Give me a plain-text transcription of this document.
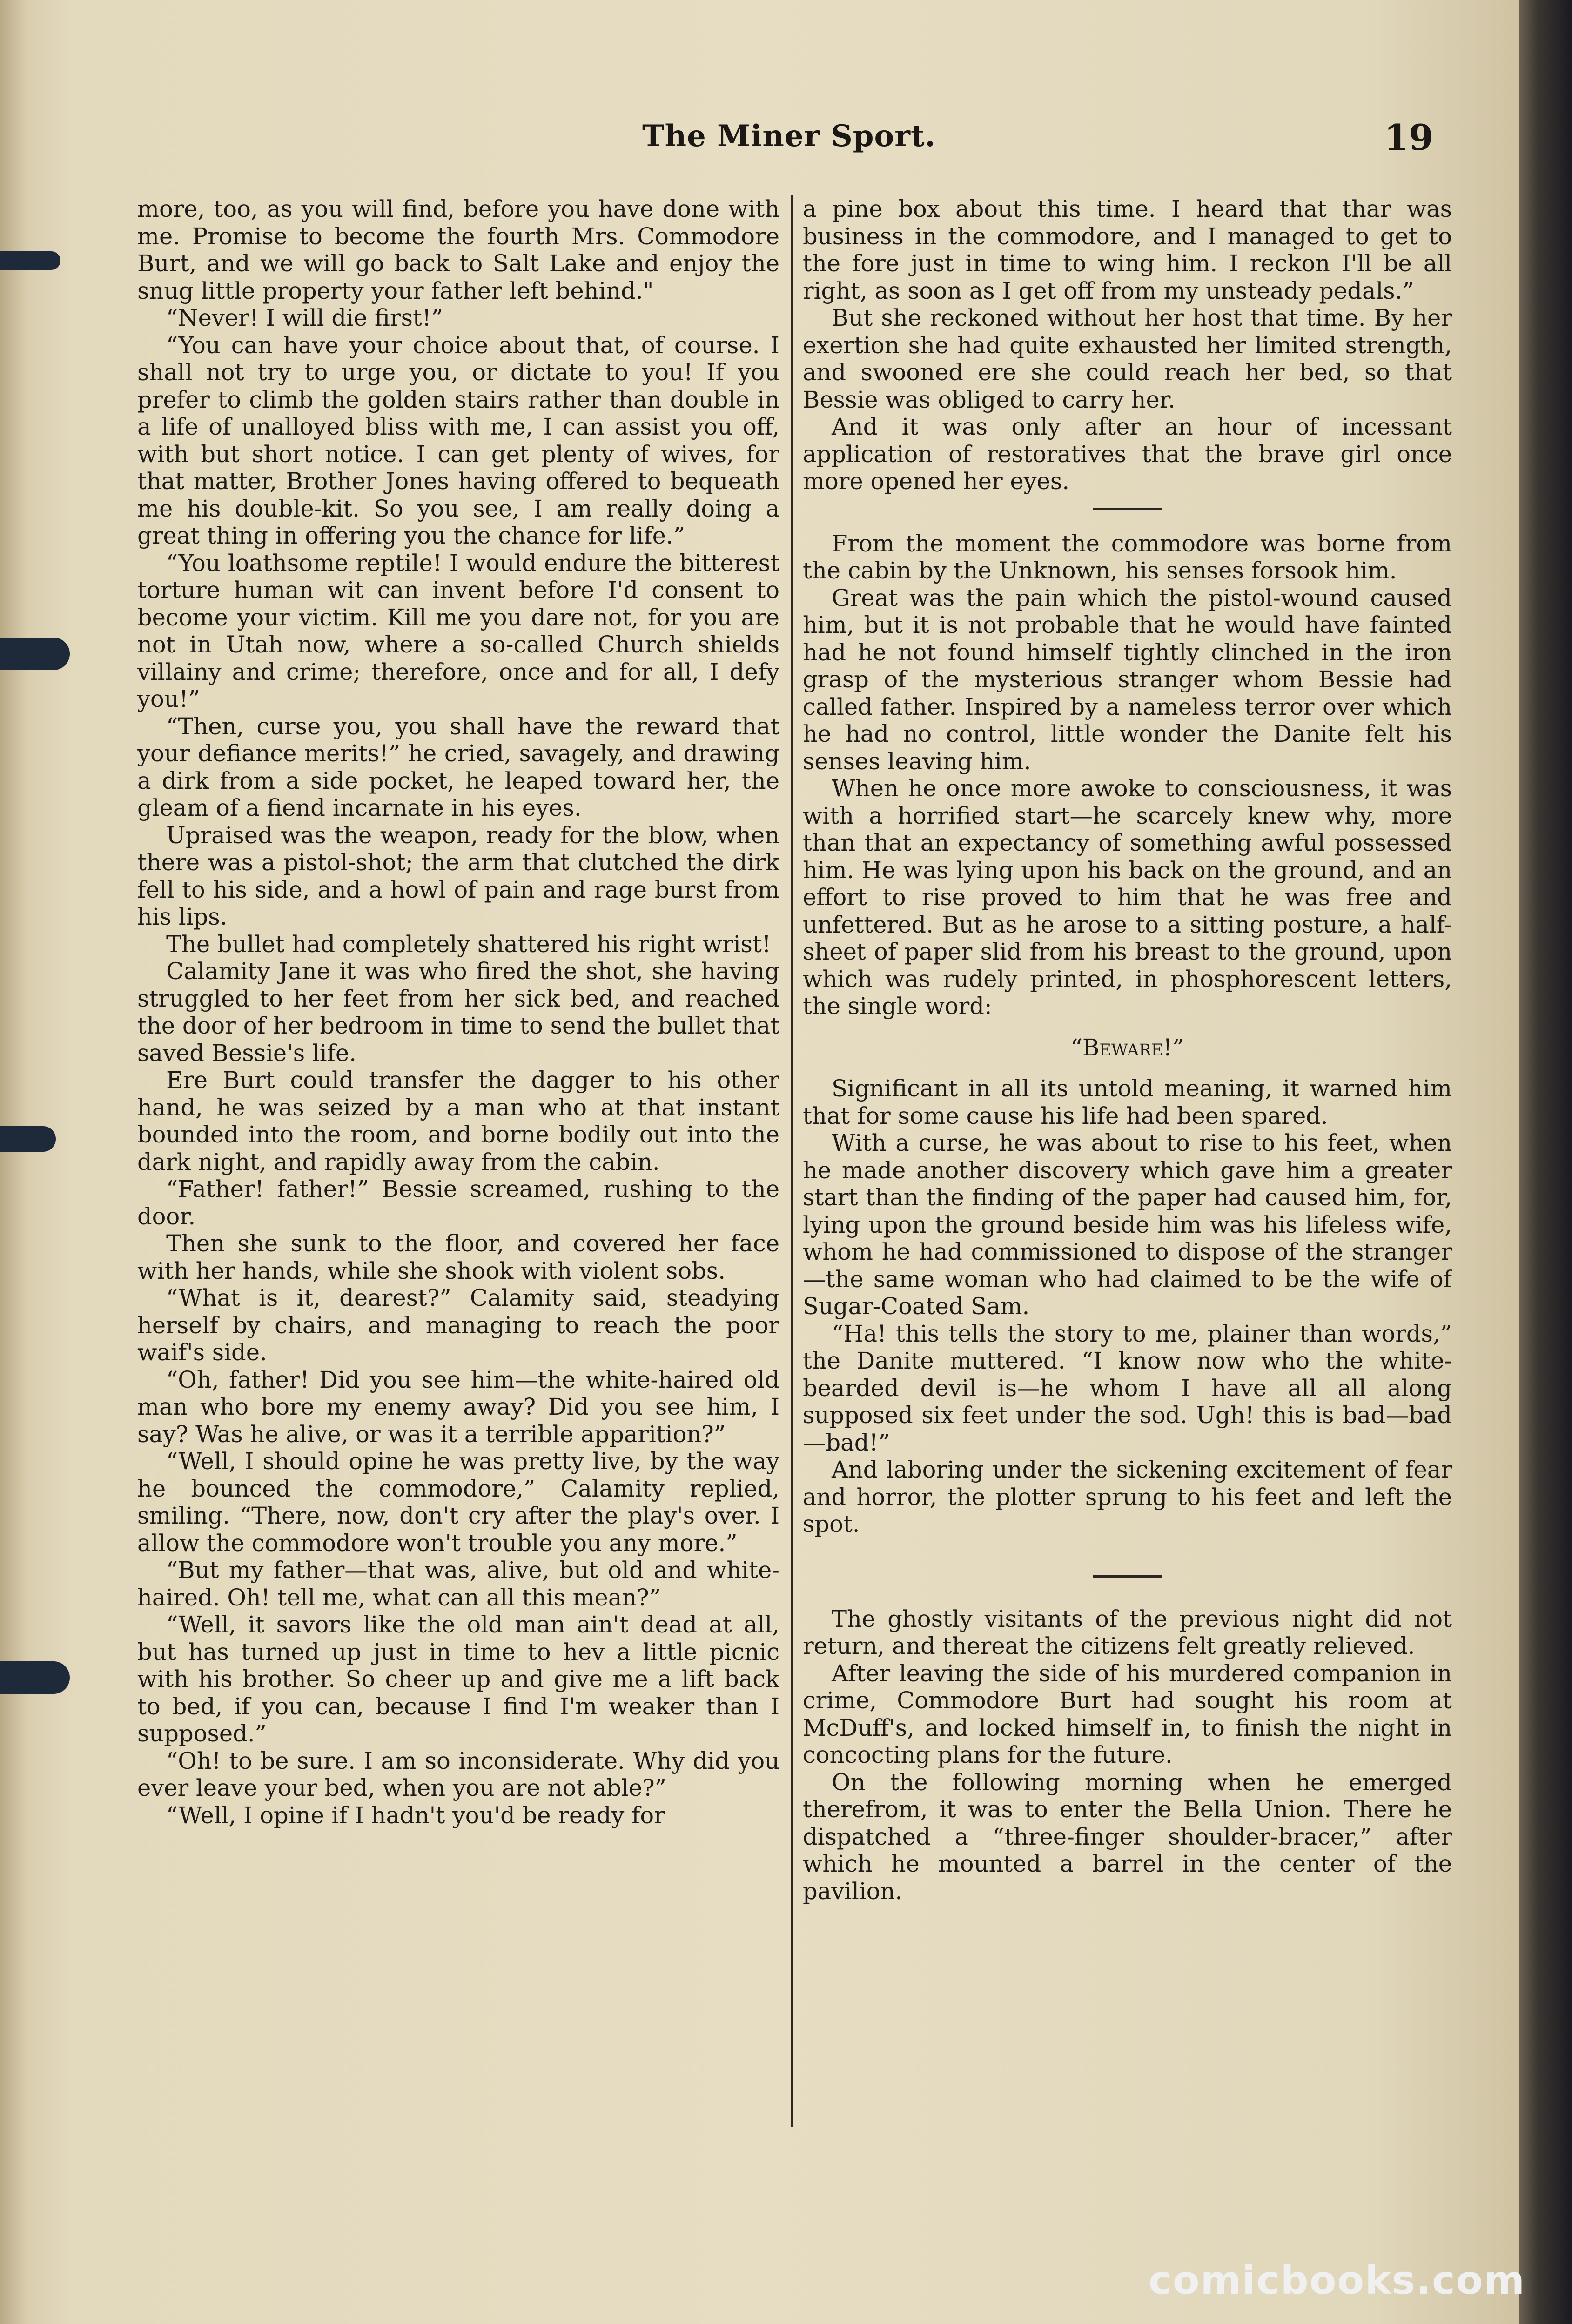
The Miner Sport.	19

more, too, as you will find, before you have done with me. Promise to become the fourth Mrs. Commodore Burt, and we will go back to Salt Lake and enjoy the snug little property your father left behind."

“Never! I will die first!”

“You can have your choice about that, of course. I shall not try to urge you, or dictate to you! If you prefer to climb the golden stairs rather than double in a life of unalloyed bliss with me, I can assist you off, with but short notice. I can get plenty of wives, for that matter, Brother Jones having offered to bequeath me his double-kit. So you see, I am really doing a great thing in offering you the chance for life.”

“You loathsome reptile! I would endure the bitterest torture human wit can invent before I'd consent to become your victim. Kill me you dare not, for you are not in Utah now, where a so-called Church shields villainy and crime; therefore, once and for all, I defy you!”

“Then, curse you, you shall have the reward that your defiance merits!” he cried, savagely, and drawing a dirk from a side pocket, he leaped toward her, the gleam of a fiend incarnate in his eyes.

Upraised was the weapon, ready for the blow, when there was a pistol-shot; the arm that clutched the dirk fell to his side, and a howl of pain and rage burst from his lips.

The bullet had completely shattered his right wrist!

Calamity Jane it was who fired the shot, she having struggled to her feet from her sick bed, and reached the door of her bedroom in time to send the bullet that saved Bessie's life.

Ere Burt could transfer the dagger to his other hand, he was seized by a man who at that instant bounded into the room, and borne bodily out into the dark night, and rapidly away from the cabin.

“Father! father!” Bessie screamed, rushing to the door.

Then she sunk to the floor, and covered her face with her hands, while she shook with violent sobs.

“What is it, dearest?” Calamity said, steadying herself by chairs, and managing to reach the poor waif's side.

“Oh, father! Did you see him—the white-haired old man who bore my enemy away? Did you see him, I say? Was he alive, or was it a terrible apparition?”

“Well, I should opine he was pretty live, by the way he bounced the commodore,” Calamity replied, smiling. “There, now, don't cry after the play's over. I allow the commodore won't trouble you any more.”

“But my father—that was, alive, but old and white-haired. Oh! tell me, what can all this mean?”

“Well, it savors like the old man ain't dead at all, but has turned up just in time to hev a little picnic with his brother. So cheer up and give me a lift back to bed, if you can, because I find I'm weaker than I supposed.”

“Oh! to be sure. I am so inconsiderate. Why did you ever leave your bed, when you are not able?”

“Well, I opine if I hadn't you'd be ready for

a pine box about this time. I heard that thar was business in the commodore, and I managed to get to the fore just in time to wing him. I reckon I'll be all right, as soon as I get off from my unsteady pedals.”

But she reckoned without her host that time. By her exertion she had quite exhausted her limited strength, and swooned ere she could reach her bed, so that Bessie was obliged to carry her.

And it was only after an hour of incessant application of restoratives that the brave girl once more opened her eyes.

From the moment the commodore was borne from the cabin by the Unknown, his senses forsook him.

Great was the pain which the pistol-wound caused him, but it is not probable that he would have fainted had he not found himself tightly clinched in the iron grasp of the mysterious stranger whom Bessie had called father. Inspired by a nameless terror over which he had no control, little wonder the Danite felt his senses leaving him.

When he once more awoke to consciousness, it was with a horrified start—he scarcely knew why, more than that an expectancy of something awful possessed him. He was lying upon his back on the ground, and an effort to rise proved to him that he was free and unfettered. But as he arose to a sitting posture, a half-sheet of paper slid from his breast to the ground, upon which was rudely printed, in phosphorescent letters, the single word:

“Beware!”

Significant in all its untold meaning, it warned him that for some cause his life had been spared.

With a curse, he was about to rise to his feet, when he made another discovery which gave him a greater start than the finding of the paper had caused him, for, lying upon the ground beside him was his lifeless wife, whom he had commissioned to dispose of the stranger—the same woman who had claimed to be the wife of Sugar-Coated Sam.

“Ha! this tells the story to me, plainer than words,” the Danite muttered. “I know now who the white-bearded devil is—he whom I have all all along supposed six feet under the sod. Ugh! this is bad—bad—bad!”

And laboring under the sickening excitement of fear and horror, the plotter sprung to his feet and left the spot.

The ghostly visitants of the previous night did not return, and thereat the citizens felt greatly relieved.

After leaving the side of his murdered companion in crime, Commodore Burt had sought his room at McDuff's, and locked himself in, to finish the night in concocting plans for the future.

On the following morning when he emerged therefrom, it was to enter the Bella Union. There he dispatched a “three-finger shoulder-bracer,” after which he mounted a barrel in the center of the pavilion.

comicbooks.com
